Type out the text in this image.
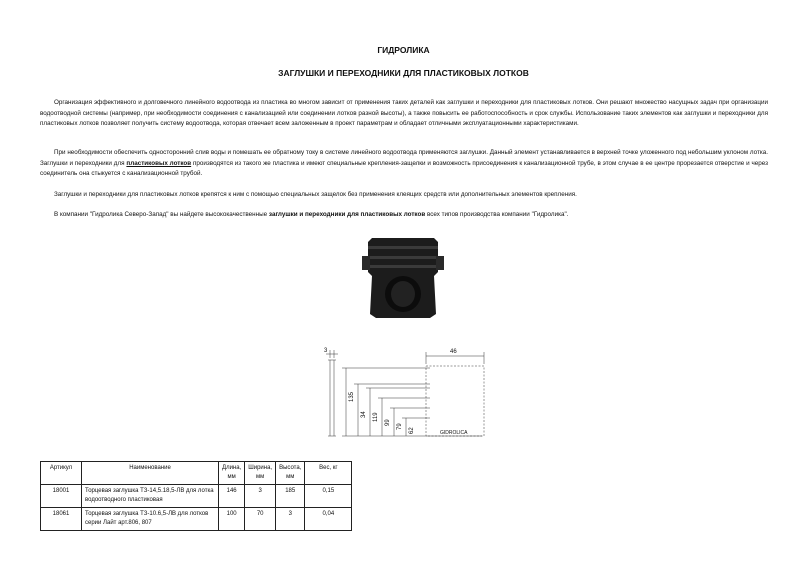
ГИДРОЛИКА
ЗАГЛУШКИ И ПЕРЕХОДНИКИ ДЛЯ ПЛАСТИКОВЫХ ЛОТКОВ

Организация эффективного и долговечного линейного водоотвода из пластика во многом зависит от применения таких деталей как заглушки и переходники для пластиковых лотков. Они решают множество насущных задач при организации водоотводной системы (например, при необходимости соединения с канализацией или соединении лотков разной высоты), а также повысить ее работоспособность и срок службы. Использование таких элементов как заглушки и переходники для пластиковых лотков позволяет получить систему водоотвода, которая отвечает всем заложенным в проект параметрам и обладает отличными эксплуатационными характеристиками.

При необходимости обеспечить односторонний слив воды и помешать ее обратному току в системе линейного водоотвода применяются заглушки. Данный элемент устанавливается в верхней точке уложенного под небольшим уклоном лотка. Заглушки и переходники для пластиковых лотков производятся из такого же пластика и имеют специальные крепления-защелки и возможность присоединения к канализационной трубе, в этом случае в ее центре прорезается отверстие и через соединитель она стыкуется с канализационной трубой.

Заглушки и переходники для пластиковых лотков крепятся к ним с помощью специальных защелок без применения клеящих средств или дополнительных элементов крепления.

В компании "Гидролика Северо-Запад" вы найдете высококачественные заглушки и переходники для пластиковых лотков всех типов производства компании "Гидролика".

3	46
135
34 119
99
79
62	GIDROLICA
Артикул	Наименование	Длина, мм	Ширина, мм	Высота, мм	Вес, кг
18001	Торцевая заглушка ТЗ-14,5.18,5-ЛВ для лотка водоотводного пластиковая	146	3	185	0,15
18061	Торцевая заглушка ТЗ-10.6,5-ЛВ для лотков серии Лайт арт.806, 807	100	70	3	0,04
